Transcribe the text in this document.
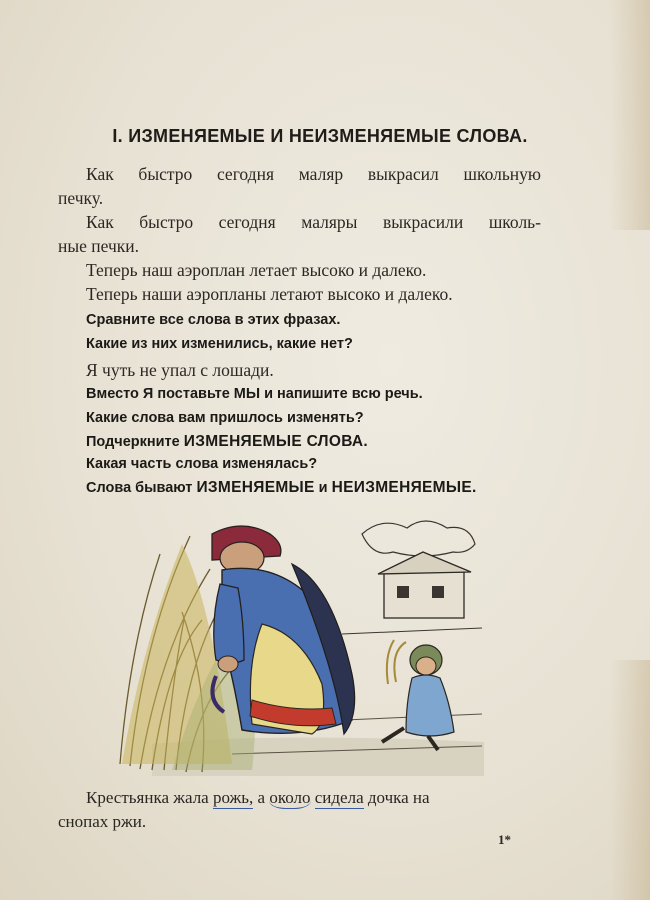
I. ИЗМЕНЯЕМЫЕ И НЕИЗМЕНЯЕМЫЕ СЛОВА.

Как быстро сегодня маляр выкрасил школьную

печку.

Как быстро сегодня маляры выкрасили школь-

ные печки.

Теперь наш аэроплан летает высоко и далеко.

Теперь наши аэропланы летают высоко и далеко.

Сравните все слова в этих фразах.

Какие из них изменились, какие нет?

Я чуть не упал с лошади.

Вместо Я поставьте МЫ и напишите всю речь.

Какие слова вам пришлось изменять?

Подчеркните ИЗМЕНЯЕМЫЕ СЛОВА.

Какая часть слова изменялась?

Слова бывают ИЗМЕНЯЕМЫЕ и НЕИЗМЕНЯЕМЫЕ.

Крестьянка жала рожь, а около сидела дочка на
снопах ржи.
1*
